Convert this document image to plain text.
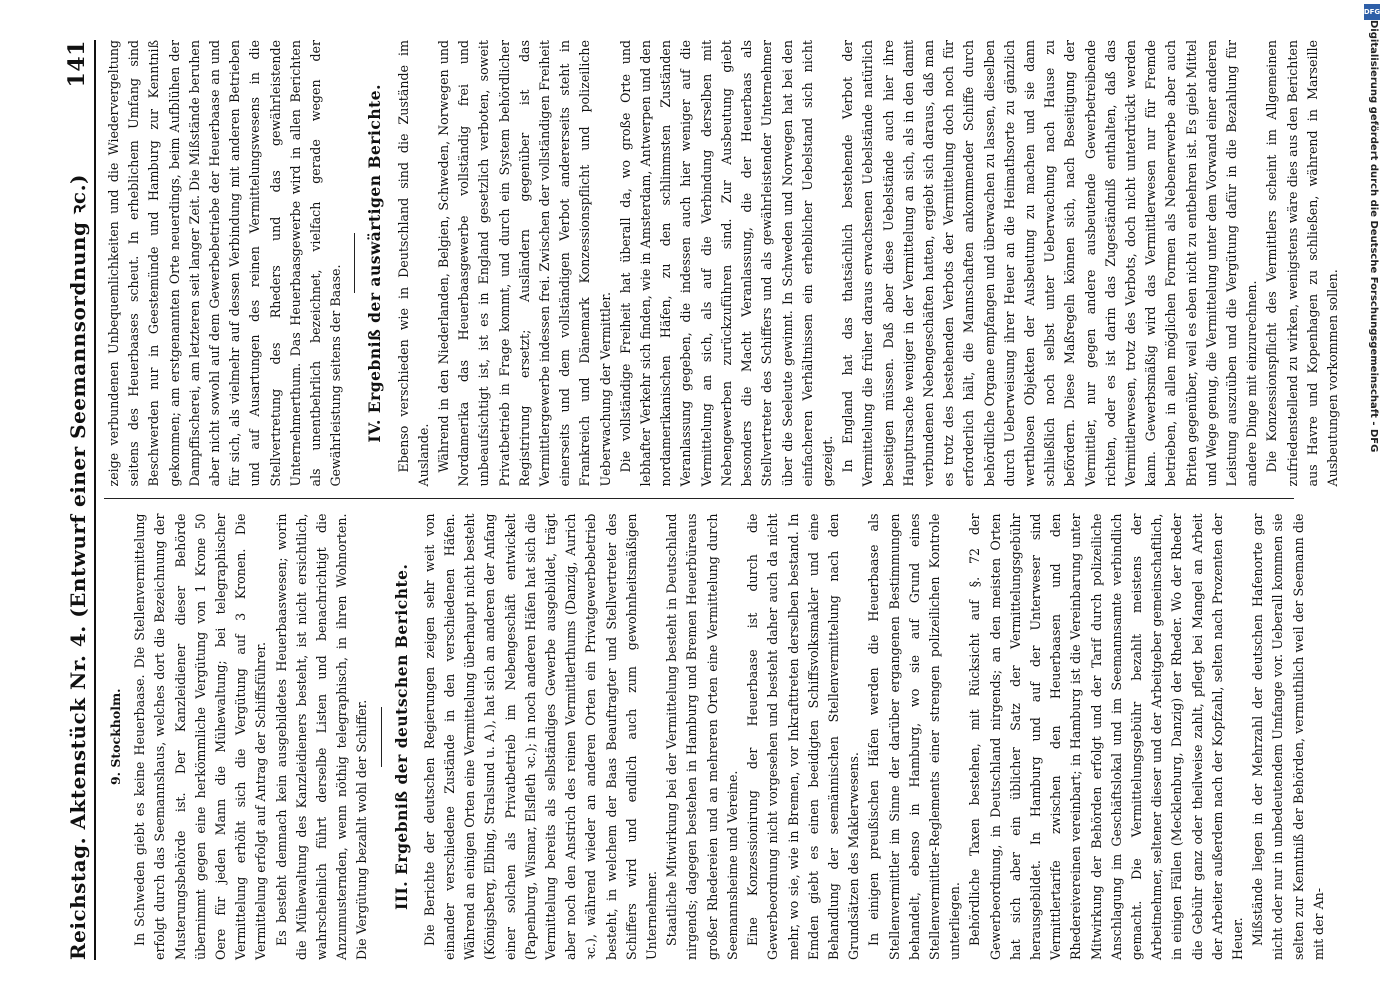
Reichstag. Aktenstück Nr. 4. (Entwurf einer Seemannsordnung ꝛc.)
141
9. Stockholm. In Schweden giebt es keine Heuerbaase. Die Stellenvermittelung erfolgt durch das Seemannshaus, welches dort die Bezeichnung der Musterungsbehörde ist. Der Kanzleidiener dieser Behörde übernimmt gegen eine herkömmliche Vergütung von 1 Krone 50 Oere für jeden Mann die Mühewaltung; bei telegraphischer Vermittelung erhöht sich die Vergütung auf 3 Kronen. Die Vermittelung erfolgt auf Antrag der Schiffsführer. Es besteht demnach kein ausgebildetes Heuerbaaswesen; worin die Mühewaltung des Kanzleidieners besteht, ist nicht ersichtlich, wahrscheinlich führt derselbe Listen und benachrichtigt die Anzumusternden, wenn nöthig telegraphisch, in ihren Wohnorten. Die Vergütung bezahlt wohl der Schiffer. III. Ergebniß der deutschen Berichte. Die Berichte der deutschen Regierungen zeigen sehr weit von einander verschiedene Zustände in den verschiedenen Häfen. Während an einigen Orten eine Vermittelung überhaupt nicht besteht (Königsberg, Elbing, Stralsund u. A.), hat sich an anderen der Anfang einer solchen als Privatbetrieb im Nebengeschäft entwickelt (Papenburg, Wismar, Elsfleth ꝛc.); in noch anderen Häfen hat sich die Vermittelung bereits als selbständiges Gewerbe ausgebildet, trägt aber noch den Anstrich des reinen Vermittlerthums (Danzig, Aurich ꝛc.), während wieder an anderen Orten ein Privatgewerbebetrieb besteht, in welchem der Baas Beauftragter und Stellvertreter des Schiffers wird und endlich auch zum gewohnheitsmäßigen Unternehmer. Staatliche Mitwirkung bei der Vermittelung besteht in Deutschland nirgends; dagegen bestehen in Hamburg und Bremen Heuerbüreaus großer Rhedereien und an mehreren Orten eine Vermittelung durch Seemannsheime und Vereine. Eine Konzessionirung der Heuerbaase ist durch die Gewerbeordnung nicht vorgesehen und besteht daher auch da nicht mehr, wo sie, wie in Bremen, vor Inkrafttreten derselben bestand. In Emden giebt es einen beeidigten Schiffsvolksmakler und eine Behandlung der seemännischen Stellenvermittelung nach den Grundsätzen des Maklerwesens. In einigen preußischen Häfen werden die Heuerbaase als Stellenvermittler im Sinne der darüber ergangenen Bestimmungen behandelt, ebenso in Hamburg, wo sie auf Grund eines Stellenvermittler-Reglements einer strengen polizeilichen Kontrole unterliegen. Behördliche Taxen bestehen, mit Rücksicht auf §. 72 der Gewerbeordnung, in Deutschland nirgends; an den meisten Orten hat sich aber ein üblicher Satz der Vermittelungsgebühr herausgebildet. In Hamburg und auf der Unterweser sind Vermittlertarife zwischen den Heuerbaasen und den Rhedereivereinen vereinbart; in Hamburg ist die Vereinbarung unter Mitwirkung der Behörden erfolgt und der Tarif durch polizeiliche Anschlagung im Geschäftslokal und im Seemannsamte verbindlich gemacht. Die Vermittelungsgebühr bezahlt meistens der Arbeitnehmer, seltener dieser und der Arbeitgeber gemeinschaftlich, in einigen Fällen (Mecklenburg, Danzig) der Rheder. Wo der Rheder die Gebühr ganz oder theilweise zahlt, pflegt bei Mangel an Arbeit der Arbeiter außerdem nach der Kopfzahl, selten nach Prozenten der Heuer. Mißstände liegen in der Mehrzahl der deutschen Hafenorte gar nicht oder nur in unbedeutendem Umfange vor. Ueberall kommen sie selten zur Kenntniß der Behörden, vermuthlich weil der Seemann die mit der An-

zeige verbundenen Unbequemlichkeiten und die Wiedervergeltung seitens des Heuerbaases scheut. In erheblichem Umfang sind Beschwerden nur in Geestemünde und Hamburg zur Kenntniß gekommen; am erstgenannten Orte neuerdings, beim Aufblühen der Dampffischerei, am letzteren seit langer Zeit. Die Mißstände beruhen aber nicht sowohl auf dem Gewerbebetriebe der Heuerbaase an und für sich, als vielmehr auf dessen Verbindung mit anderen Betrieben und auf Ausartungen des reinen Vermittelungswesens in die Stellvertretung des Rheders und das gewährleistende Unternehmerthum. Das Heuerbaasgewerbe wird in allen Berichten als unentbehrlich bezeichnet, vielfach gerade wegen der Gewährleistung seitens der Baase. IV. Ergebniß der auswärtigen Berichte. Ebenso verschieden wie in Deutschland sind die Zustände im Auslande. Während in den Niederlanden, Belgien, Schweden, Norwegen und Nordamerika das Heuerbaasgewerbe vollständig frei und unbeaufsichtigt ist, ist es in England gesetzlich verboten, soweit Privatbetrieb in Frage kommt, und durch ein System behördlicher Registrirung ersetzt; Ausländern gegenüber ist das Vermittlergewerbe indessen frei. Zwischen der vollständigen Freiheit einerseits und dem vollständigen Verbot andererseits steht in Frankreich und Dänemark Konzessionspflicht und polizeiliche Ueberwachung der Vermittler. Die vollständige Freiheit hat überall da, wo große Orte und lebhafter Verkehr sich finden, wie in Amsterdam, Antwerpen und den nordamerikanischen Häfen, zu den schlimmsten Zuständen Veranlassung gegeben, die indessen auch hier weniger auf die Vermittelung an sich, als auf die Verbindung derselben mit Nebengewerben zurückzuführen sind. Zur Ausbeutung giebt besonders die Macht Veranlassung, die der Heuerbaas als Stellvertreter des Schiffers und als gewährleistender Unternehmer über die Seeleute gewinnt. In Schweden und Norwegen hat bei den einfacheren Verhältnissen ein erheblicher Uebelstand sich nicht gezeigt. In England hat das thatsächlich bestehende Verbot der Vermittelung die früher daraus erwachsenen Uebelstände natürlich beseitigen müssen. Daß aber diese Uebelstände auch hier ihre Hauptursache weniger in der Vermittelung an sich, als in den damit verbundenen Nebengeschäften hatten, ergiebt sich daraus, daß man es trotz des bestehenden Verbots der Vermittelung doch noch für erforderlich hält, die Mannschaften ankommender Schiffe durch behördliche Organe empfangen und überwachen zu lassen, dieselben durch Ueberweisung ihrer Heuer an die Heimathsorte zu gänzlich werthlosen Objekten der Ausbeutung zu machen und sie dann schließlich noch selbst unter Ueberwachung nach Hause zu befördern. Diese Maßregeln können sich, nach Beseitigung der Vermittler, nur gegen andere ausbeutende Gewerbetreibende richten, oder es ist darin das Zugeständniß enthalten, daß das Vermittlerwesen, trotz des Verbots, doch nicht unterdrückt werden kann. Gewerbsmäßig wird das Vermittlerwesen nur für Fremde betrieben, in allen möglichen Formen als Nebenerwerbe aber auch Briten gegenüber, weil es eben nicht zu entbehren ist. Es giebt Mittel und Wege genug, die Vermittelung unter dem Vorwand einer anderen Leistung auszuüben und die Vergütung dafür in die Bezahlung für andere Dinge mit einzurechnen. Die Konzessionspflicht des Vermittlers scheint im Allgemeinen zufriedenstellend zu wirken, wenigstens wäre dies aus den Berichten aus Havre und Kopenhagen zu schließen, während in Marseille Ausbeutungen vorkommen sollen.

DFG
Digitalisierung gefördert durch die Deutsche Forschungsgemeinschaft - DFG
